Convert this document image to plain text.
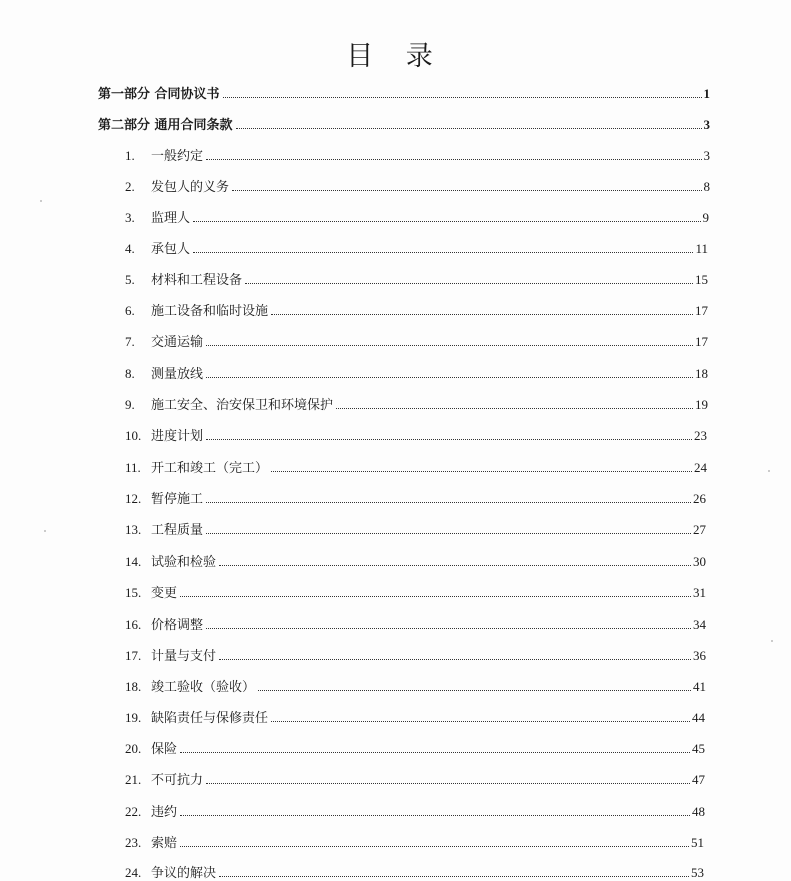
目 录
第一部分 合同协议书	1
第二部分 通用合同条款	3
1.	一般约定	3
2.	发包人的义务	8
3.	监理人	9
4.	承包人	11
5.	材料和工程设备	15
6.	施工设备和临时设施	17
7.	交通运输	17
8.	测量放线	18
9.	施工安全、治安保卫和环境保护	19
10. 进度计划	23
11. 开工和竣工（完工）	24
12. 暂停施工	26
13. 工程质量	27
14. 试验和检验	30
15. 变更	31
16. 价格调整	34
17. 计量与支付	36
18. 竣工验收（验收）	41
19. 缺陷责任与保修责任	44
20. 保险	45
21. 不可抗力	47
22. 违约	48
23. 索赔	51
24. 争议的解决	53
